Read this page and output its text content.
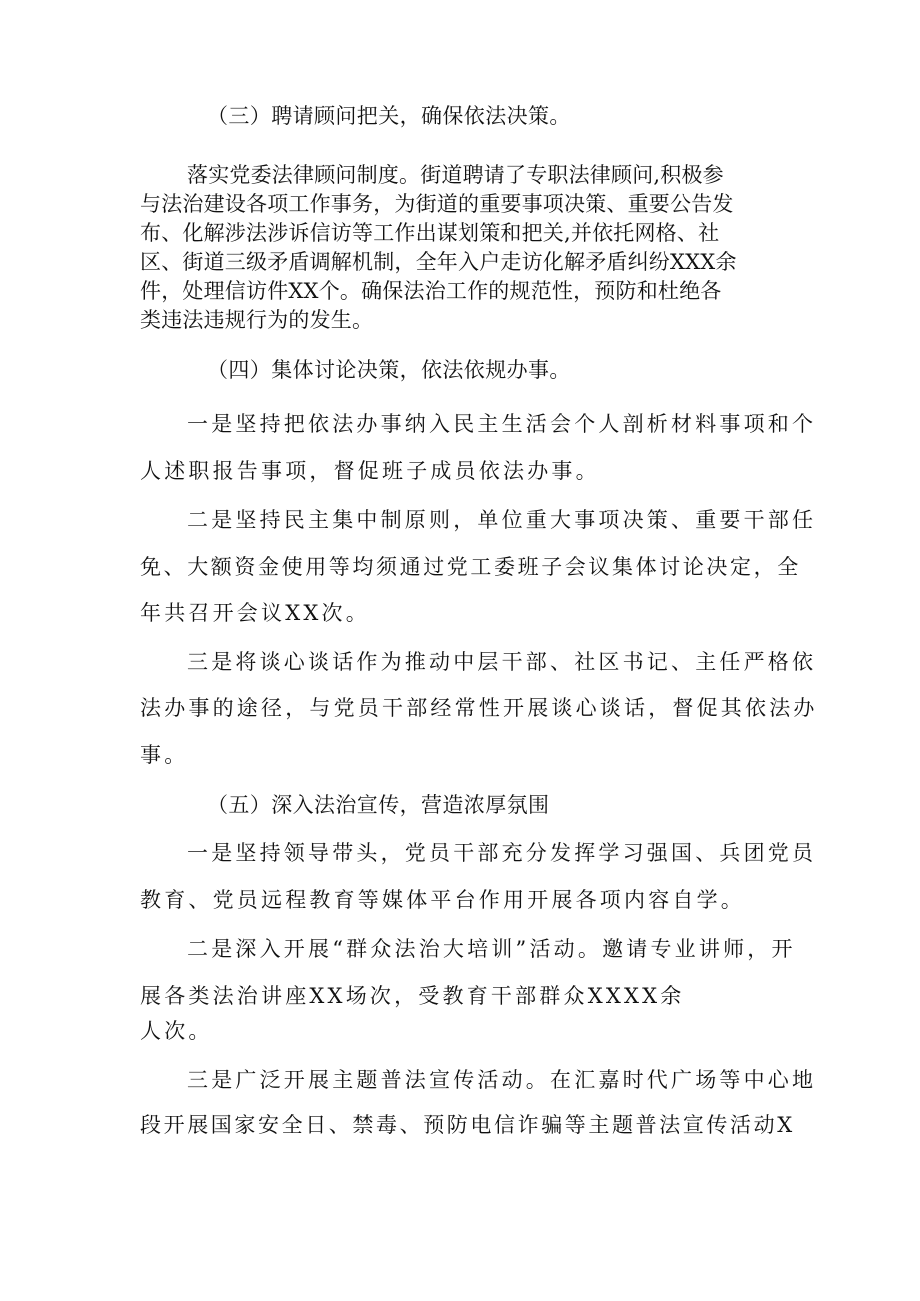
（三）聘请顾问把关，确保依法决策。
落实党委法律顾问制度。街道聘请了专职法律顾问,积极参
与法治建设各项工作事务，为街道的重要事项决策、重要公告发
布、化解涉法涉诉信访等工作出谋划策和把关,并依托网格、社
区、街道三级矛盾调解机制，全年入户走访化解矛盾纠纷XXX余
件，处理信访件XX个。确保法治工作的规范性，预防和杜绝各
类违法违规行为的发生。
（四）集体讨论决策，依法依规办事。
一是坚持把依法办事纳入民主生活会个人剖析材料事项和个
人述职报告事项，督促班子成员依法办事。
二是坚持民主集中制原则，单位重大事项决策、重要干部任
免、大额资金使用等均须通过党工委班子会议集体讨论决定，全
年共召开会议XX次。
三是将谈心谈话作为推动中层干部、社区书记、主任严格依
法办事的途径，与党员干部经常性开展谈心谈话，督促其依法办
事。
（五）深入法治宣传，营造浓厚氛围
一是坚持领导带头，党员干部充分发挥学习强国、兵团党员
教育、党员远程教育等媒体平台作用开展各项内容自学。
二是深入开展“群众法治大培训”活动。邀请专业讲师，开
展各类法治讲座XX场次，受教育干部群众XXXX余
人次。
三是广泛开展主题普法宣传活动。在汇嘉时代广场等中心地
段开展国家安全日、禁毒、预防电信诈骗等主题普法宣传活动X
